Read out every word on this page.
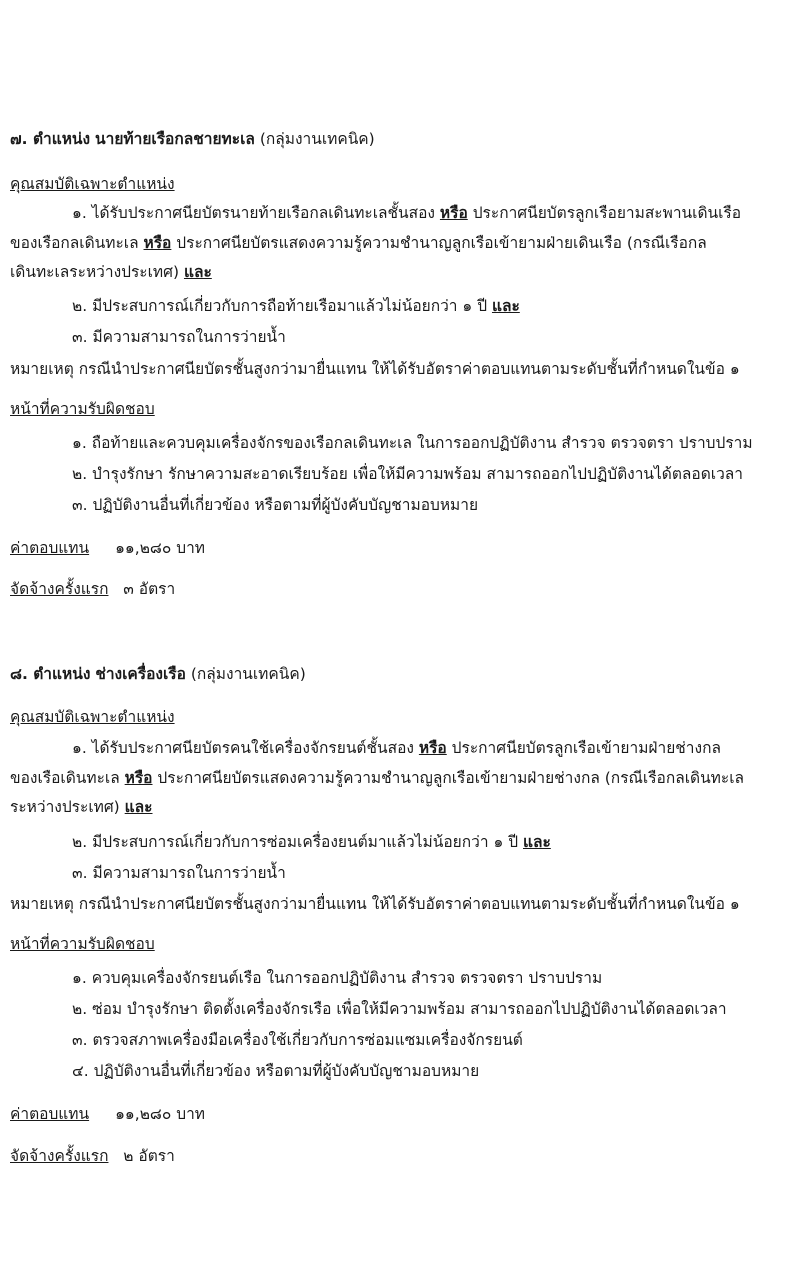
๗. ตำแหน่ง นายท้ายเรือกลชายทะเล (กลุ่มงานเทคนิค)
คุณสมบัติเฉพาะตำแหน่ง
๑. ได้รับประกาศนียบัตรนายท้ายเรือกลเดินทะเลชั้นสอง หรือ ประกาศนียบัตรลูกเรือยามสะพานเดินเรือ
ของเรือกลเดินทะเล หรือ ประกาศนียบัตรแสดงความรู้ความชำนาญลูกเรือเข้ายามฝ่ายเดินเรือ (กรณีเรือกล
เดินทะเลระหว่างประเทศ) และ
๒. มีประสบการณ์เกี่ยวกับการถือท้ายเรือมาแล้วไม่น้อยกว่า ๑ ปี และ
๓. มีความสามารถในการว่ายน้ำ
หมายเหตุ กรณีนำประกาศนียบัตรชั้นสูงกว่ามายื่นแทน ให้ได้รับอัตราค่าตอบแทนตามระดับชั้นที่กำหนดในข้อ ๑
หน้าที่ความรับผิดชอบ
๑. ถือท้ายและควบคุมเครื่องจักรของเรือกลเดินทะเล ในการออกปฏิบัติงาน สำรวจ ตรวจตรา ปราบปราม
๒. บำรุงรักษา รักษาความสะอาดเรียบร้อย เพื่อให้มีความพร้อม สามารถออกไปปฏิบัติงานได้ตลอดเวลา
๓. ปฏิบัติงานอื่นที่เกี่ยวข้อง หรือตามที่ผู้บังคับบัญชามอบหมาย
ค่าตอบแทน ๑๑,๒๘๐ บาท
จัดจ้างครั้งแรก ๓ อัตรา
๘. ตำแหน่ง ช่างเครื่องเรือ (กลุ่มงานเทคนิค)
คุณสมบัติเฉพาะตำแหน่ง
๑. ได้รับประกาศนียบัตรคนใช้เครื่องจักรยนต์ชั้นสอง หรือ ประกาศนียบัตรลูกเรือเข้ายามฝ่ายช่างกล
ของเรือเดินทะเล หรือ ประกาศนียบัตรแสดงความรู้ความชำนาญลูกเรือเข้ายามฝ่ายช่างกล (กรณีเรือกลเดินทะเล
ระหว่างประเทศ) และ
๒. มีประสบการณ์เกี่ยวกับการซ่อมเครื่องยนต์มาแล้วไม่น้อยกว่า ๑ ปี และ
๓. มีความสามารถในการว่ายน้ำ
หมายเหตุ กรณีนำประกาศนียบัตรชั้นสูงกว่ามายื่นแทน ให้ได้รับอัตราค่าตอบแทนตามระดับชั้นที่กำหนดในข้อ ๑
หน้าที่ความรับผิดชอบ
๑. ควบคุมเครื่องจักรยนต์เรือ ในการออกปฏิบัติงาน สำรวจ ตรวจตรา ปราบปราม
๒. ซ่อม บำรุงรักษา ติดตั้งเครื่องจักรเรือ เพื่อให้มีความพร้อม สามารถออกไปปฏิบัติงานได้ตลอดเวลา
๓. ตรวจสภาพเครื่องมือเครื่องใช้เกี่ยวกับการซ่อมแซมเครื่องจักรยนต์
๔. ปฏิบัติงานอื่นที่เกี่ยวข้อง หรือตามที่ผู้บังคับบัญชามอบหมาย
ค่าตอบแทน ๑๑,๒๘๐ บาท
จัดจ้างครั้งแรก ๒ อัตรา
